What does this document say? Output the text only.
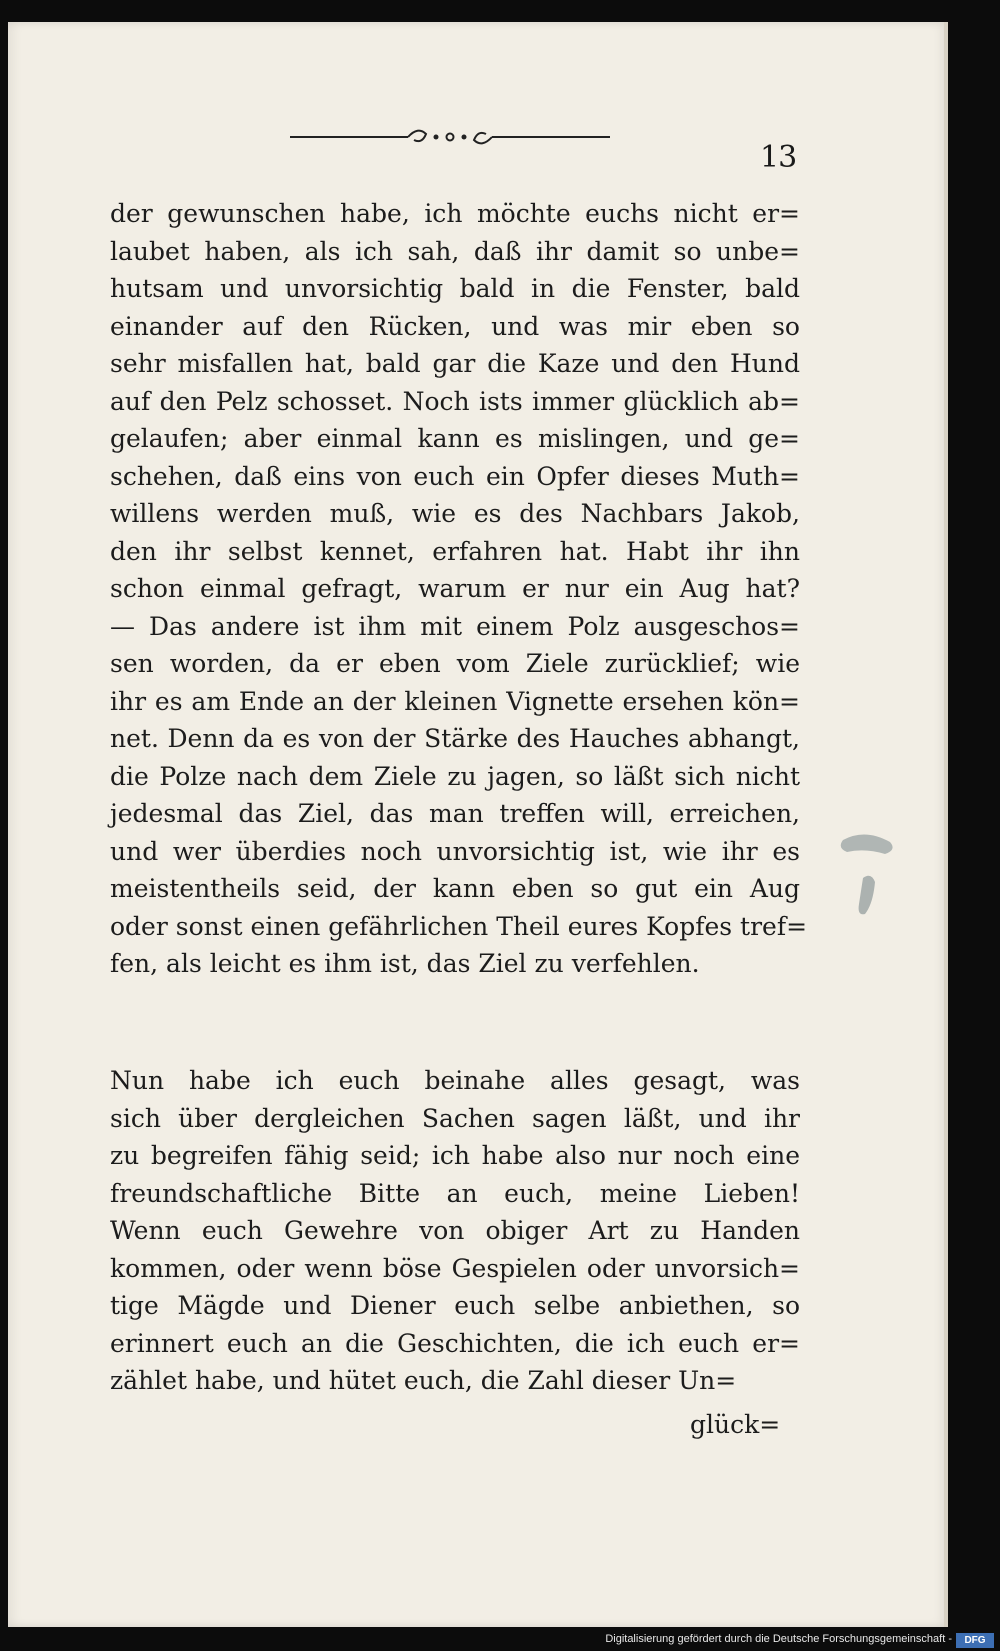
13
der gewunschen habe, ich möchte euchs nicht er=
laubet haben, als ich sah, daß ihr damit so unbe=
hutsam und unvorsichtig bald in die Fenster, bald
einander auf den Rücken, und was mir eben so
sehr misfallen hat, bald gar die Kaze und den Hund
auf den Pelz schosset. Noch ists immer glücklich ab=
gelaufen; aber einmal kann es mislingen, und ge=
schehen, daß eins von euch ein Opfer dieses Muth=
willens werden muß, wie es des Nachbars Jakob,
den ihr selbst kennet, erfahren hat. Habt ihr ihn
schon einmal gefragt, warum er nur ein Aug hat?
— Das andere ist ihm mit einem Polz ausgeschos=
sen worden, da er eben vom Ziele zurücklief; wie
ihr es am Ende an der kleinen Vignette ersehen kön=
net. Denn da es von der Stärke des Hauches abhangt,
die Polze nach dem Ziele zu jagen, so läßt sich nicht
jedesmal das Ziel, das man treffen will, erreichen,
und wer überdies noch unvorsichtig ist, wie ihr es
meistentheils seid, der kann eben so gut ein Aug
oder sonst einen gefährlichen Theil eures Kopfes tref=
fen, als leicht es ihm ist, das Ziel zu verfehlen.
Nun habe ich euch beinahe alles gesagt, was
sich über dergleichen Sachen sagen läßt, und ihr
zu begreifen fähig seid; ich habe also nur noch eine
freundschaftliche Bitte an euch, meine Lieben!
Wenn euch Gewehre von obiger Art zu Handen
kommen, oder wenn böse Gespielen oder unvorsich=
tige Mägde und Diener euch selbe anbiethen, so
erinnert euch an die Geschichten, die ich euch er=
zählet habe, und hütet euch, die Zahl dieser Un=
glück=
Digitalisierung gefördert durch die Deutsche Forschungsgemeinschaft -	DFG
